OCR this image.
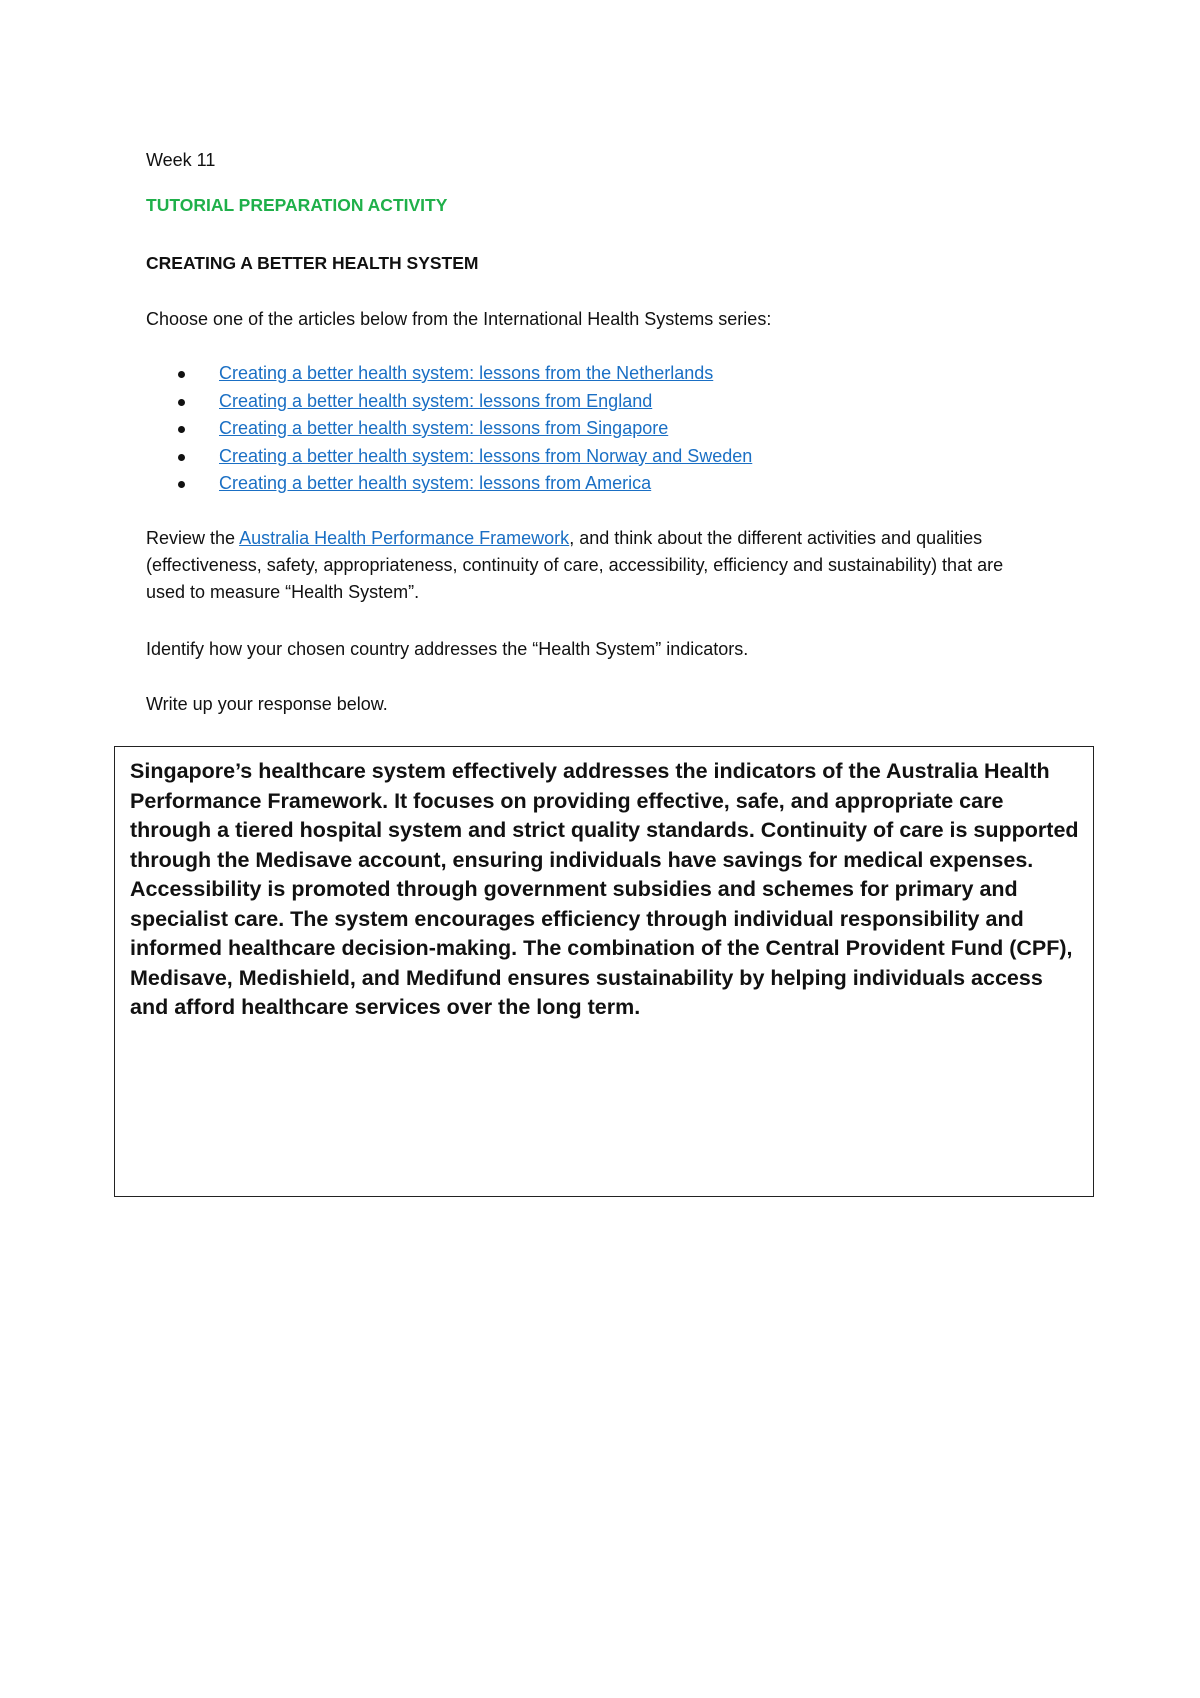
Week 11

TUTORIAL PREPARATION ACTIVITY

CREATING A BETTER HEALTH SYSTEM

Choose one of the articles below from the International Health Systems series:

Creating a better health system: lessons from the Netherlands
Creating a better health system: lessons from England
Creating a better health system: lessons from Singapore
Creating a better health system: lessons from Norway and Sweden
Creating a better health system: lessons from America

Review the Australia Health Performance Framework, and think about the different activities and qualities (effectiveness, safety, appropriateness, continuity of care, accessibility, efficiency and sustainability) that are used to measure “Health System”.

Identify how your chosen country addresses the “Health System” indicators.

Write up your response below.

Singapore’s healthcare system effectively addresses the indicators of the Australia Health Performance Framework. It focuses on providing effective, safe, and appropriate care through a tiered hospital system and strict quality standards. Continuity of care is supported through the Medisave account, ensuring individuals have savings for medical expenses. Accessibility is promoted through government subsidies and schemes for primary and specialist care. The system encourages efficiency through individual responsibility and informed healthcare decision-making. The combination of the Central Provident Fund (CPF), Medisave, Medishield, and Medifund ensures sustainability by helping individuals access and afford healthcare services over the long term.
